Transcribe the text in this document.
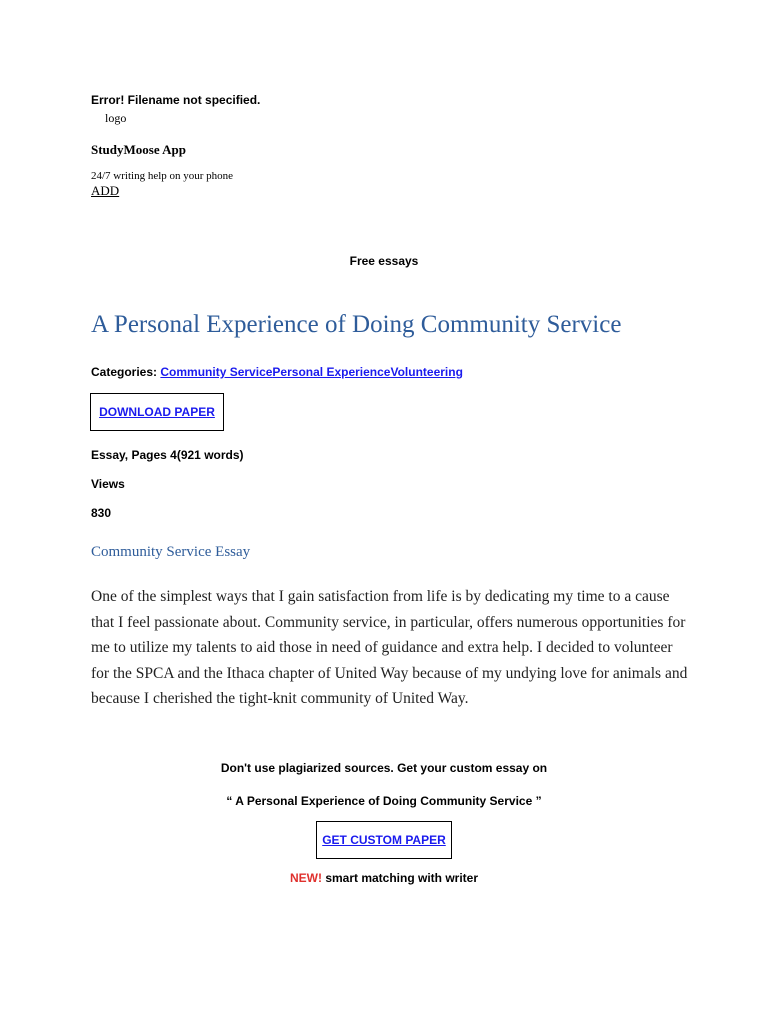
Error! Filename not specified.
logo
StudyMoose App
24/7 writing help on your phone
ADD
Free essays
A Personal Experience of Doing Community Service
Categories: Community ServicePersonal ExperienceVolunteering
DOWNLOAD PAPER
Essay, Pages 4(921 words)
Views
830
Community Service Essay
One of the simplest ways that I gain satisfaction from life is by dedicating my time to a cause that I feel passionate about. Community service, in particular, offers numerous opportunities for me to utilize my talents to aid those in need of guidance and extra help. I decided to volunteer for the SPCA and the Ithaca chapter of United Way because of my undying love for animals and because I cherished the tight-knit community of United Way.
Don't use plagiarized sources. Get your custom essay on
“ A Personal Experience of Doing Community Service ”
GET CUSTOM PAPER
NEW! smart matching with writer
